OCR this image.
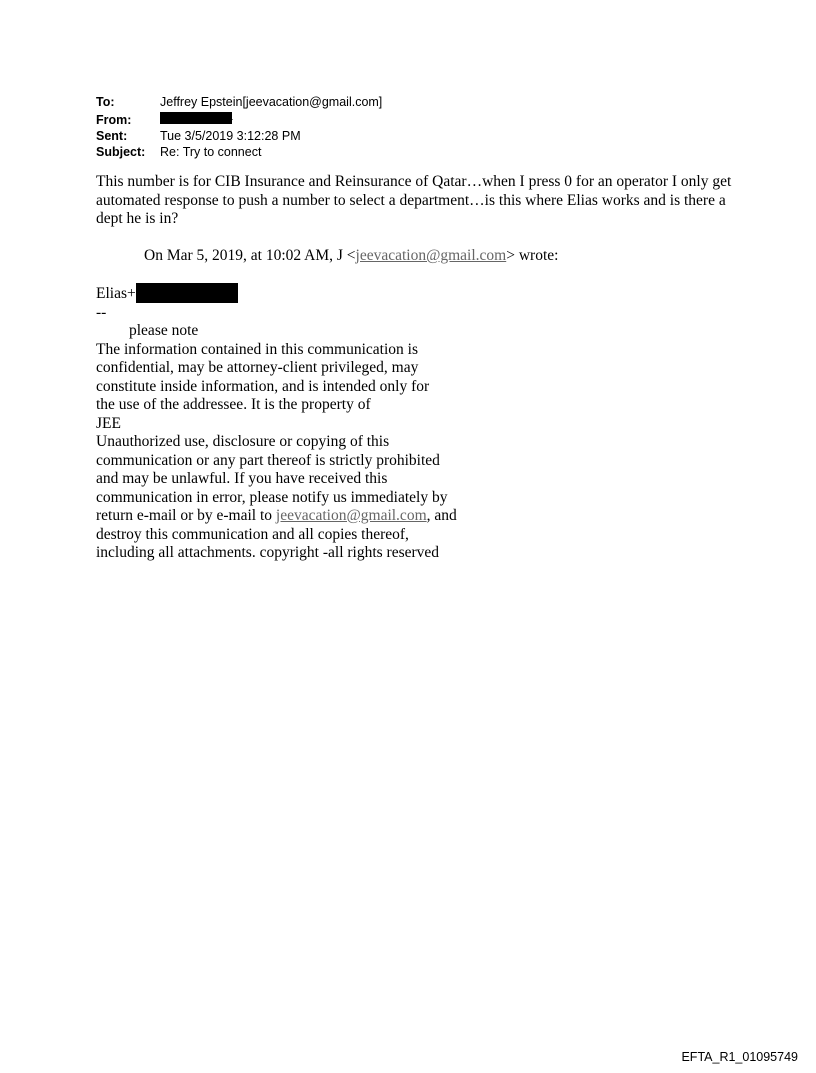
To:	Jeffrey Epstein[jeevacation@gmail.com]
From:	r
Sent:	Tue 3/5/2019 3:12:28 PM
Subject:	Re: Try to connect
This number is for CIB Insurance and Reinsurance of Qatar…when I press 0 for an operator I only get automated response to push a number to select a department…is this where Elias works and is there a dept he is in?
On Mar 5, 2019, at 10:02 AM, J <jeevacation@gmail.com> wrote:
Elias+
--
please note
The information contained in this communication is
confidential, may be attorney-client privileged, may
constitute inside information, and is intended only for
the use of the addressee. It is the property of
JEE
Unauthorized use, disclosure or copying of this
communication or any part thereof is strictly prohibited
and may be unlawful. If you have received this
communication in error, please notify us immediately by
return e-mail or by e-mail to jeevacation@gmail.com, and
destroy this communication and all copies thereof,
including all attachments. copyright -all rights reserved
EFTA_R1_01095749
